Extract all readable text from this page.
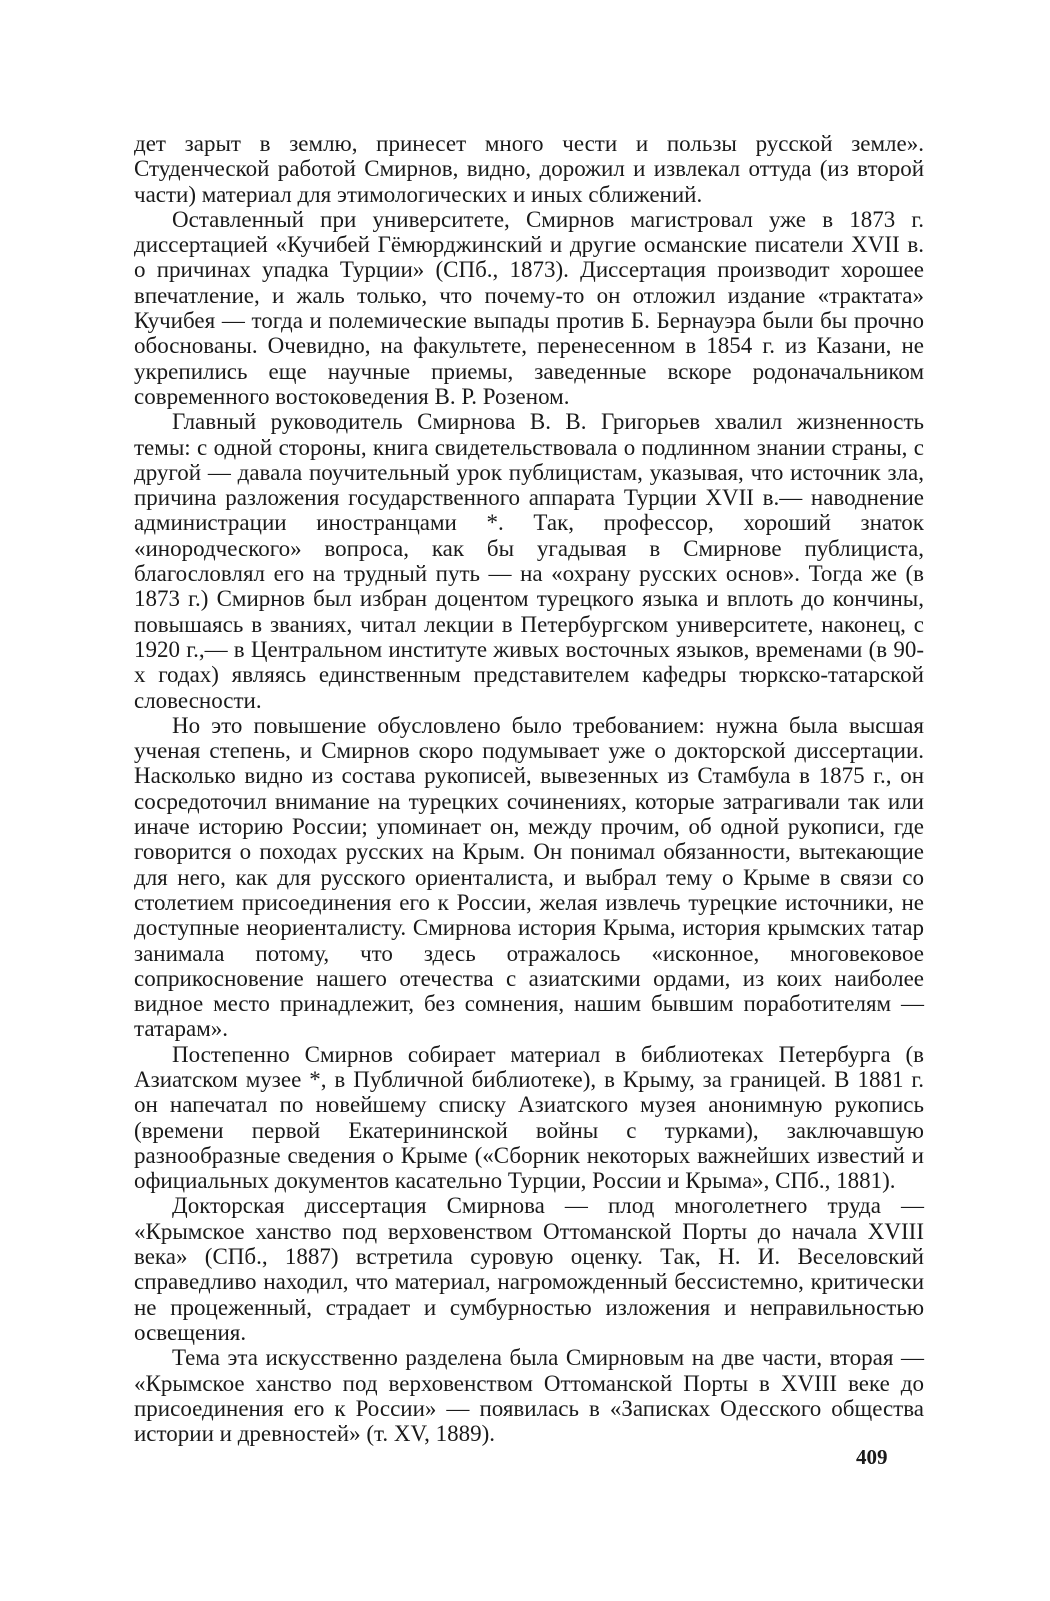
дет зарыт в землю, принесет много чести и пользы русской земле». Студенческой работой Смирнов, видно, дорожил и извлекал оттуда (из второй части) материал для этимологических и иных сближений.

Оставленный при университете, Смирнов магистровал уже в 1873 г. диссертацией «Кучибей Гёмюрджинский и другие османские писатели XVII в. о причинах упадка Турции» (СПб., 1873). Диссертация производит хорошее впечатление, и жаль только, что почему-то он отложил издание «трактата» Кучибея — тогда и полемические выпады против Б. Бернауэра были бы прочно обоснованы. Очевидно, на факультете, перенесенном в 1854 г. из Казани, не укрепились еще научные приемы, заведенные вскоре родоначальником современного востоковедения В. Р. Розеном.

Главный руководитель Смирнова В. В. Григорьев хвалил жизненность темы: с одной стороны, книга свидетельствовала о подлинном знании страны, с другой — давала поучительный урок публицистам, указывая, что источник зла, причина разложения государственного аппарата Турции XVII в.— наводнение администрации иностранцами *. Так, профессор, хороший знаток «инородческого» вопроса, как бы угадывая в Смирнове публициста, благословлял его на трудный путь — на «охрану русских основ». Тогда же (в 1873 г.) Смирнов был избран доцентом турецкого языка и вплоть до кончины, повышаясь в званиях, читал лекции в Петербургском университете, наконец, с 1920 г.,— в Центральном институте живых восточных языков, временами (в 90-х годах) являясь единственным представителем кафедры тюркско-татарской словесности.

Но это повышение обусловлено было требованием: нужна была высшая ученая степень, и Смирнов скоро подумывает уже о докторской диссертации. Насколько видно из состава рукописей, вывезенных из Стамбула в 1875 г., он сосредоточил внимание на турецких сочинениях, которые затрагивали так или иначе историю России; упоминает он, между прочим, об одной рукописи, где говорится о походах русских на Крым. Он понимал обязанности, вытекающие для него, как для русского ориенталиста, и выбрал тему о Крыме в связи со столетием присоединения его к России, желая извлечь турецкие источники, не доступные неориенталисту. Смирнова история Крыма, история крымских татар занимала потому, что здесь отражалось «исконное, многовековое соприкосновение нашего отечества с азиатскими ордами, из коих наиболее видное место принадлежит, без сомнения, нашим бывшим поработителям — татарам».

Постепенно Смирнов собирает материал в библиотеках Петербурга (в Азиатском музее *, в Публичной библиотеке), в Крыму, за границей. В 1881 г. он напечатал по новейшему списку Азиатского музея анонимную рукопись (времени первой Екатерининской войны с турками), заключавшую разнообразные сведения о Крыме («Сборник некоторых важнейших известий и официальных документов касательно Турции, России и Крыма», СПб., 1881).

Докторская диссертация Смирнова — плод многолетнего труда — «Крымское ханство под верховенством Оттоманской Порты до начала XVIII века» (СПб., 1887) встретила суровую оценку. Так, Н. И. Веселовский справедливо находил, что материал, нагроможденный бессистемно, критически не процеженный, страдает и сумбурностью изложения и неправильностью освещения.

Тема эта искусственно разделена была Смирновым на две части, вторая — «Крымское ханство под верховенством Оттоманской Порты в XVIII веке до присоединения его к России» — появилась в «Записках Одесского общества истории и древностей» (т. XV, 1889).

409
